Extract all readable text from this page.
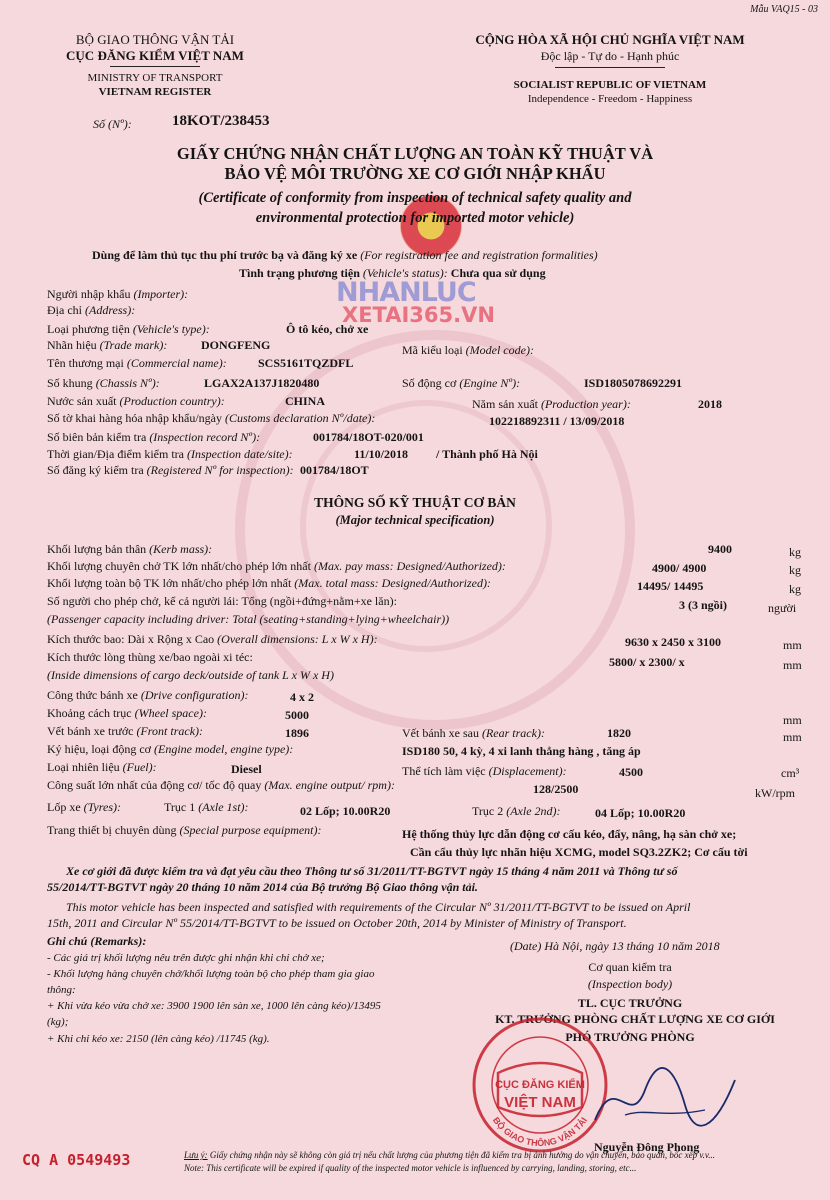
Mẫu VAQ15 - 03
BỘ GIAO THÔNG VẬN TẢI
CỤC ĐĂNG KIỂM VIỆT NAM
MINISTRY OF TRANSPORT
VIETNAM REGISTER
CỘNG HÒA XÃ HỘI CHỦ NGHĨA VIỆT NAM
Độc lập - Tự do - Hạnh phúc
SOCIALIST REPUBLIC OF VIETNAM
Independence - Freedom - Happiness
Số (Nº):	18KOT/238453
GIẤY CHỨNG NHẬN CHẤT LƯỢNG AN TOÀN KỸ THUẬT VÀ
BẢO VỆ MÔI TRƯỜNG XE CƠ GIỚI NHẬP KHẨU
(Certificate of conformity from inspection of technical safety quality and
environmental protection for imported motor vehicle)
Dùng để làm thủ tục thu phí trước bạ và đăng ký xe (For registration fee and registration formalities)
Tình trạng phương tiện (Vehicle's status): Chưa qua sử dụng
NHANLUC
XETAI365.VN
Người nhập khẩu (Importer):
Địa chỉ (Address):
Loại phương tiện (Vehicle's type):	Ô tô kéo, chở xe
Nhãn hiệu (Trade mark):	DONGFENG	Mã kiểu loại (Model code):
Tên thương mại (Commercial name):	SCS5161TQZDFL
Số khung (Chassis Nº):	LGAX2A137J1820480	Số động cơ (Engine Nº):	ISD1805078692291
Nước sản xuất (Production country):	CHINA	Năm sản xuất (Production year):	2018
Số tờ khai hàng hóa nhập khẩu/ngày (Customs declaration Nº/date):	102218892311 / 13/09/2018
Số biên bản kiểm tra (Inspection record Nº):	001784/18OT-020/001
Thời gian/Địa điểm kiểm tra (Inspection date/site):	11/10/2018 / Thành phố Hà Nội
Số đăng ký kiểm tra (Registered Nº for inspection): 001784/18OT
THÔNG SỐ KỸ THUẬT CƠ BẢN
(Major technical specification)
Khối lượng bản thân (Kerb mass):	9400	kg
Khối lượng chuyên chở TK lớn nhất/cho phép lớn nhất (Max. pay mass: Designed/Authorized):	4900/ 4900	kg
Khối lượng toàn bộ TK lớn nhất/cho phép lớn nhất (Max. total mass: Designed/Authorized):	14495/ 14495	kg
Số người cho phép chở, kể cả người lái: Tổng (ngồi+đứng+nằm+xe lăn):	3 (3 ngồi)	người
(Passenger capacity including driver: Total (seating+standing+lying+wheelchair))
Kích thước bao: Dài x Rộng x Cao (Overall dimensions: L x W x H):	9630 x 2450 x 3100	mm
Kích thước lòng thùng xe/bao ngoài xi téc:	5800/ x 2300/ x	mm
(Inside dimensions of cargo deck/outside of tank L x W x H)
Công thức bánh xe (Drive configuration):	4 x 2
Khoảng cách trục (Wheel space):	5000	mm
Vết bánh xe trước (Front track):	1896	Vết bánh xe sau (Rear track):	1820	mm
Ký hiệu, loại động cơ (Engine model, engine type):	ISD180 50, 4 kỳ, 4 xi lanh thẳng hàng , tăng áp
Loại nhiên liệu (Fuel):	Diesel	Thể tích làm việc (Displacement):	4500	cm³
Công suất lớn nhất của động cơ/ tốc độ quay (Max. engine output/ rpm):	128/2500	kW/rpm
Lốp xe (Tyres):	Trục 1 (Axle 1st):	02 Lốp; 10.00R20	Trục 2 (Axle 2nd):	04 Lốp; 10.00R20
Trang thiết bị chuyên dùng (Special purpose equipment):	Hệ thống thủy lực dẫn động cơ cấu kéo, đẩy, nâng, hạ sàn chở xe;
Cần cẩu thủy lực nhãn hiệu XCMG, model SQ3.2ZK2; Cơ cấu tời
Xe cơ giới đã được kiểm tra và đạt yêu cầu theo Thông tư số 31/2011/TT-BGTVT ngày 15 tháng 4 năm 2011 và Thông tư số
55/2014/TT-BGTVT ngày 20 tháng 10 năm 2014 của Bộ trưởng Bộ Giao thông vận tải.
This motor vehicle has been inspected and satisfied with requirements of the Circular Nº 31/2011/TT-BGTVT to be issued on April
15th, 2011 and Circular Nº 55/2014/TT-BGTVT to be issued on October 20th, 2014 by Minister of Ministry of Transport.
Ghi chú (Remarks):
- Các giá trị khối lượng nêu trên được ghi nhận khi chỉ chở xe;
- Khối lượng hàng chuyên chở/khối lượng toàn bộ cho phép tham gia giao
thông:
+ Khi vừa kéo vừa chở xe: 3900 1900 lên sàn xe, 1000 lên càng kéo)/13495
(kg);
+ Khi chỉ kéo xe: 2150 (lên càng kéo) /11745 (kg).
(Date) Hà Nội, ngày 13 tháng 10 năm 2018
Cơ quan kiểm tra
(Inspection body)
TL. CỤC TRƯỞNG
KT. TRƯỞNG PHÒNG CHẤT LƯỢNG XE CƠ GIỚI
PHÓ TRƯỞNG PHÒNG
BỘ GIAO THÔNG VẬN TẢI
CỤC ĐĂNG KIỂM
VIỆT NAM
Nguyễn Đông Phong
CQ A 0549493	Lưu ý: Giấy chứng nhận này sẽ không còn giá trị nếu chất lượng của phương tiện đã kiểm tra bị ảnh hưởng do vận chuyển, bảo quản, bốc xếp v.v...
Note: This certificate will be expired if quality of the inspected motor vehicle is influenced by carrying, landing, storing, etc...
